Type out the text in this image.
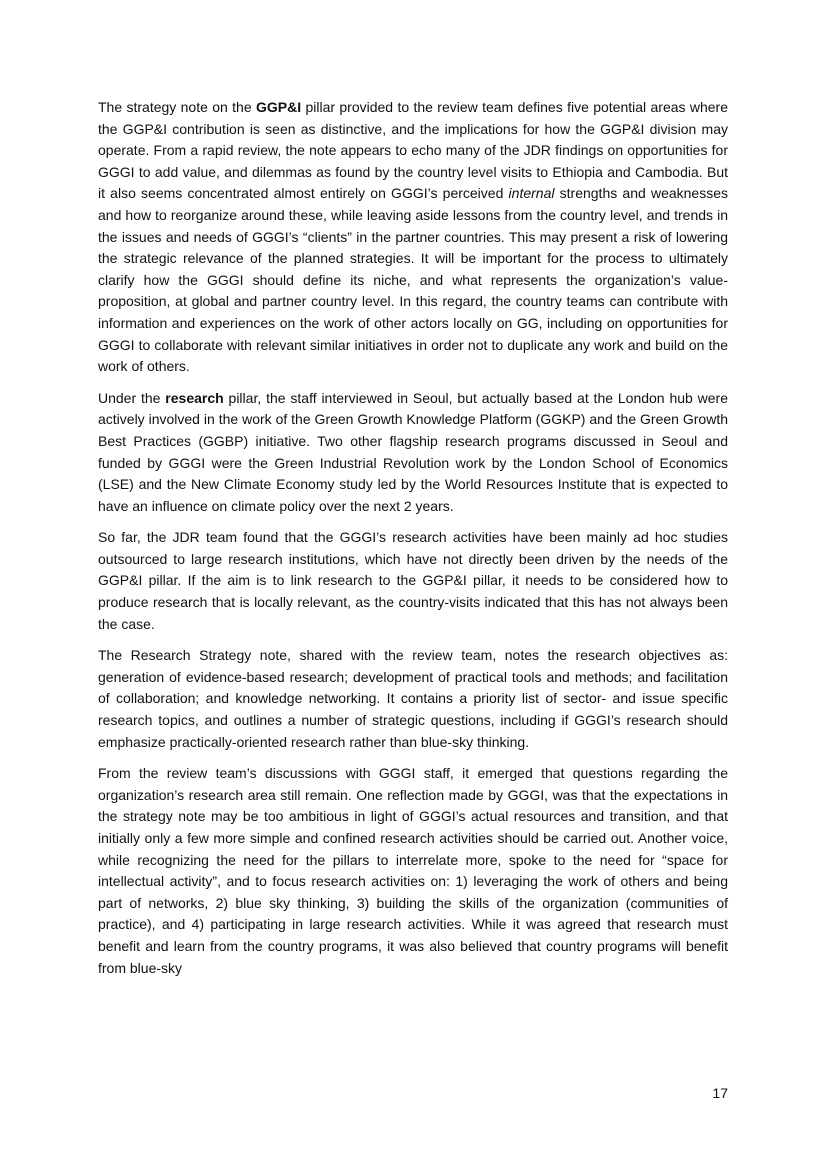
The strategy note on the GGP&I pillar provided to the review team defines five potential areas where the GGP&I contribution is seen as distinctive, and the implications for how the GGP&I division may operate. From a rapid review, the note appears to echo many of the JDR findings on opportunities for GGGI to add value, and dilemmas as found by the country level visits to Ethiopia and Cambodia. But it also seems concentrated almost entirely on GGGI’s perceived internal strengths and weaknesses and how to reorganize around these, while leaving aside lessons from the country level, and trends in the issues and needs of GGGI’s “clients” in the partner countries. This may present a risk of lowering the strategic relevance of the planned strategies. It will be important for the process to ultimately clarify how the GGGI should define its niche, and what represents the organization’s value-proposition, at global and partner country level. In this regard, the country teams can contribute with information and experiences on the work of other actors locally on GG, including on opportunities for GGGI to collaborate with relevant similar initiatives in order not to duplicate any work and build on the work of others.

Under the research pillar, the staff interviewed in Seoul, but actually based at the London hub were actively involved in the work of the Green Growth Knowledge Platform (GGKP) and the Green Growth Best Practices (GGBP) initiative. Two other flagship research programs discussed in Seoul and funded by GGGI were the Green Industrial Revolution work by the London School of Economics (LSE) and the New Climate Economy study led by the World Resources Institute that is expected to have an influence on climate policy over the next 2 years.

So far, the JDR team found that the GGGI’s research activities have been mainly ad hoc studies outsourced to large research institutions, which have not directly been driven by the needs of the GGP&I pillar. If the aim is to link research to the GGP&I pillar, it needs to be considered how to produce research that is locally relevant, as the country-visits indicated that this has not always been the case.

The Research Strategy note, shared with the review team, notes the research objectives as: generation of evidence-based research; development of practical tools and methods; and facilitation of collaboration; and knowledge networking. It contains a priority list of sector- and issue specific research topics, and outlines a number of strategic questions, including if GGGI’s research should emphasize practically-oriented research rather than blue-sky thinking.

From the review team’s discussions with GGGI staff, it emerged that questions regarding the organization’s research area still remain. One reflection made by GGGI, was that the expectations in the strategy note may be too ambitious in light of GGGI’s actual resources and transition, and that initially only a few more simple and confined research activities should be carried out. Another voice, while recognizing the need for the pillars to interrelate more, spoke to the need for “space for intellectual activity”, and to focus research activities on: 1) leveraging the work of others and being part of networks, 2) blue sky thinking, 3) building the skills of the organization (communities of practice), and 4) participating in large research activities. While it was agreed that research must benefit and learn from the country programs, it was also believed that country programs will benefit from blue-sky

17
